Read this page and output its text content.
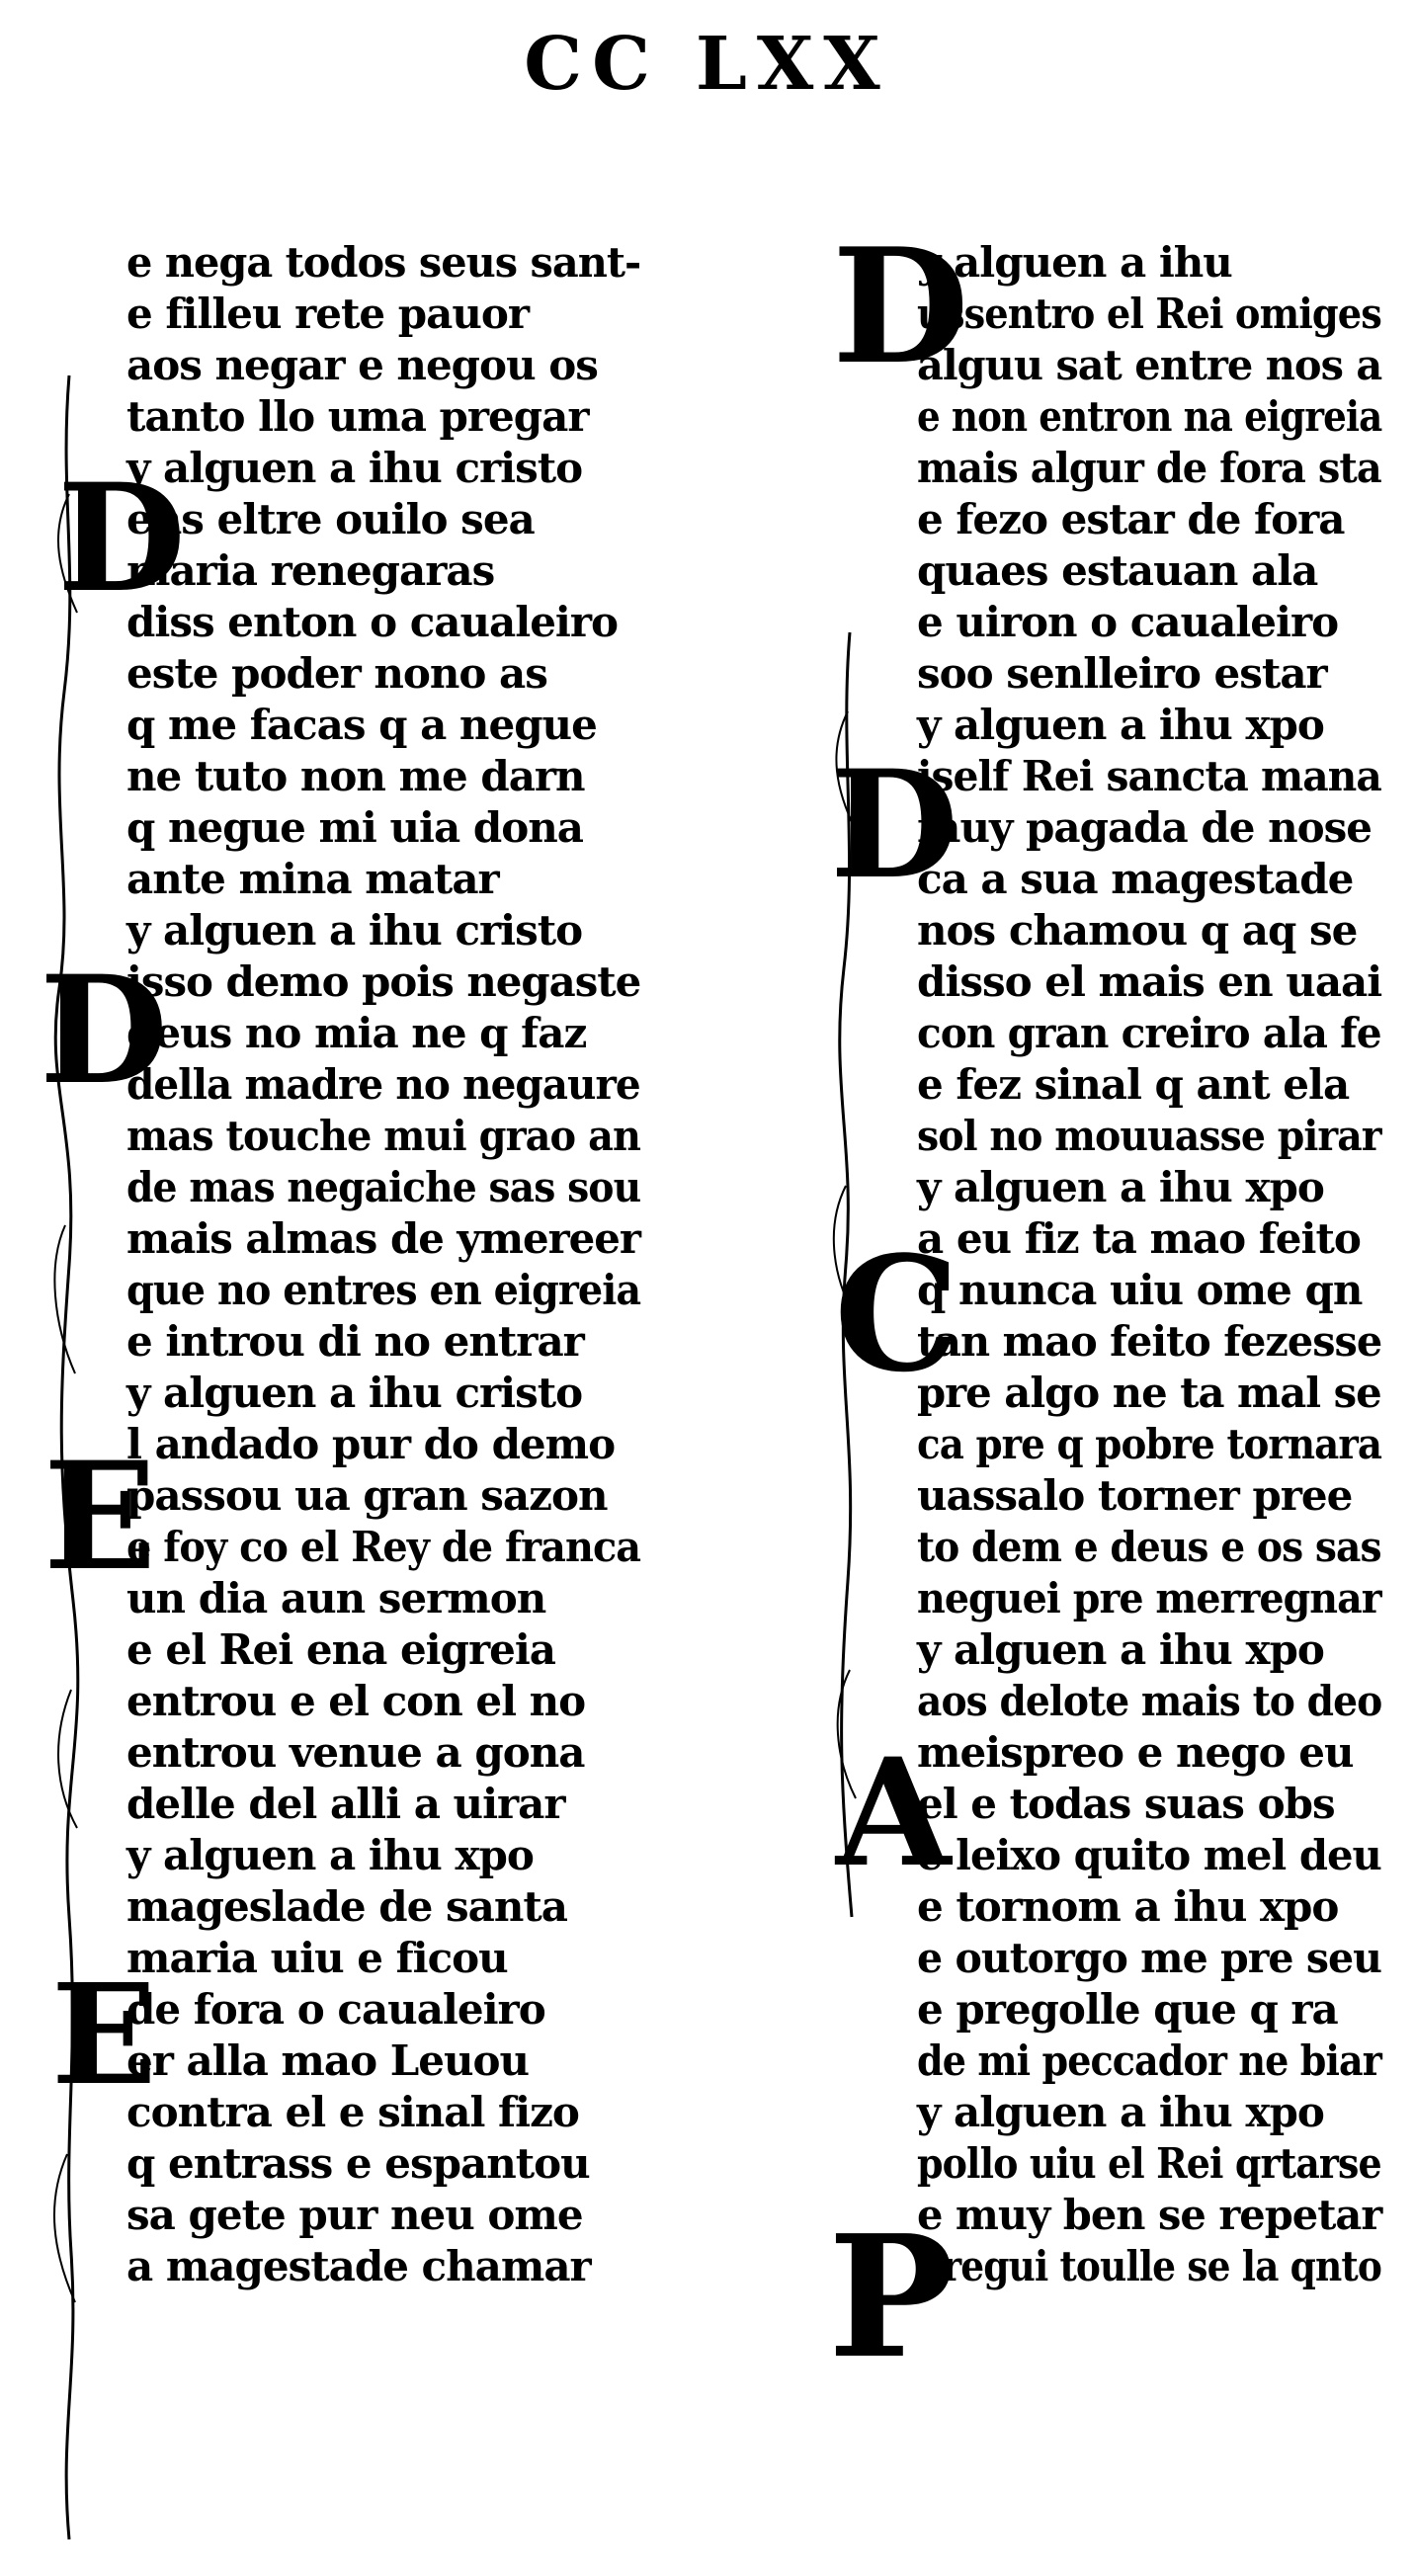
CC LXX
e nega todos seus sant-
e filleu rete pauor
aos negar e negou os
tanto llo uma pregar
y alguen a ihu cristo
ens eltre ouilo sea
maria renegaras
diss enton o caualeiro
este poder nono as
q me facas q a negue
ne tuto non me darn
q negue mi uia dona
ante mina matar
y alguen a ihu cristo
isso demo pois negaste
deus no mia ne q faz
della madre no negaure
mas touche mui grao an
de mas negaiche sas sou
mais almas de ymereer
que no entres en eigreia
e introu di no entrar
y alguen a ihu cristo
l andado pur do demo
passou ua gran sazon
e foy co el Rey de franca
un dia aun sermon
e el Rei ena eigreia
entrou e el con el no
entrou venue a gona
delle del alli a uirar
y alguen a ihu xpo
mageslade de santa
maria uiu e ficou
de fora o caualeiro
er alla mao Leuou
contra el e sinal fizo
q entrass e espantou
sa gete pur neu ome
a magestade chamar
D
D
E
E
y alguen a ihu
ussentro el Rei omiges
alguu sat entre nos a
e non entron na eigreia
mais algur de fora sta
e fezo estar de fora
quaes estauan ala
e uiron o caualeiro
soo senlleiro estar
y alguen a ihu xpo
iself Rei sancta mana
muy pagada de nose
ca a sua magestade
nos chamou q aq se
disso el mais en uaai
con gran creiro ala fe
e fez sinal q ant ela
sol no mouuasse pirar
y alguen a ihu xpo
a eu fiz ta mao feito
q nunca uiu ome qn
tan mao feito fezesse
pre algo ne ta mal se
ca pre q pobre tornara
uassalo torner pree
to dem e deus e os sas
neguei pre merregnar
y alguen a ihu xpo
aos delote mais to deo
meispreo e nego eu
el e todas suas obs
e leixo quito mel deu
e tornom a ihu xpo
e outorgo me pre seu
e pregolle que q ra
de mi peccador ne biar
y alguen a ihu xpo
pollo uiu el Rei qrtarse
e muy ben se repetar
pregui toulle se la qnto
D
D
C
A
P
